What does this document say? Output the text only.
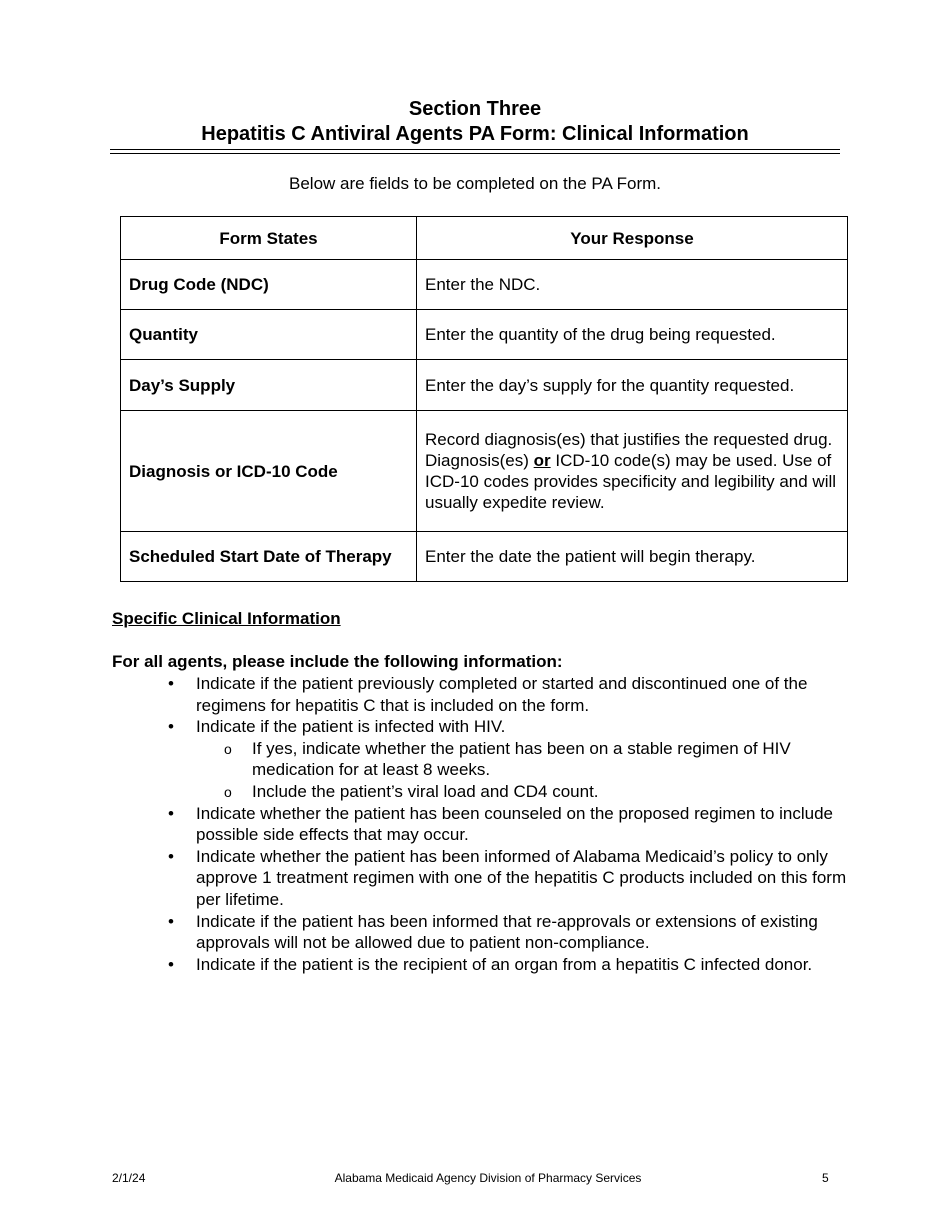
Section Three
Hepatitis C Antiviral Agents PA Form: Clinical Information
Below are fields to be completed on the PA Form.
Form States	Your Response
Drug Code (NDC)	Enter the NDC.
Quantity	Enter the quantity of the drug being requested.
Day’s Supply	Enter the day’s supply for the quantity requested.
Diagnosis or ICD-10 Code	Record diagnosis(es) that justifies the requested drug. Diagnosis(es) or ICD-10 code(s) may be used. Use of ICD-10 codes provides specificity and legibility and will usually expedite review.
Scheduled Start Date of Therapy	Enter the date the patient will begin therapy.
Specific Clinical Information
For all agents, please include the following information:
• Indicate if the patient previously completed or started and discontinued one of the regimens for hepatitis C that is included on the form.
• Indicate if the patient is infected with HIV.
o If yes, indicate whether the patient has been on a stable regimen of HIV medication for at least 8 weeks.
o Include the patient’s viral load and CD4 count.
• Indicate whether the patient has been counseled on the proposed regimen to include possible side effects that may occur.
• Indicate whether the patient has been informed of Alabama Medicaid’s policy to only approve 1 treatment regimen with one of the hepatitis C products included on this form per lifetime.
• Indicate if the patient has been informed that re-approvals or extensions of existing approvals will not be allowed due to patient non-compliance.
• Indicate if the patient is the recipient of an organ from a hepatitis C infected donor.
2/1/24	Alabama Medicaid Agency Division of Pharmacy Services	5
